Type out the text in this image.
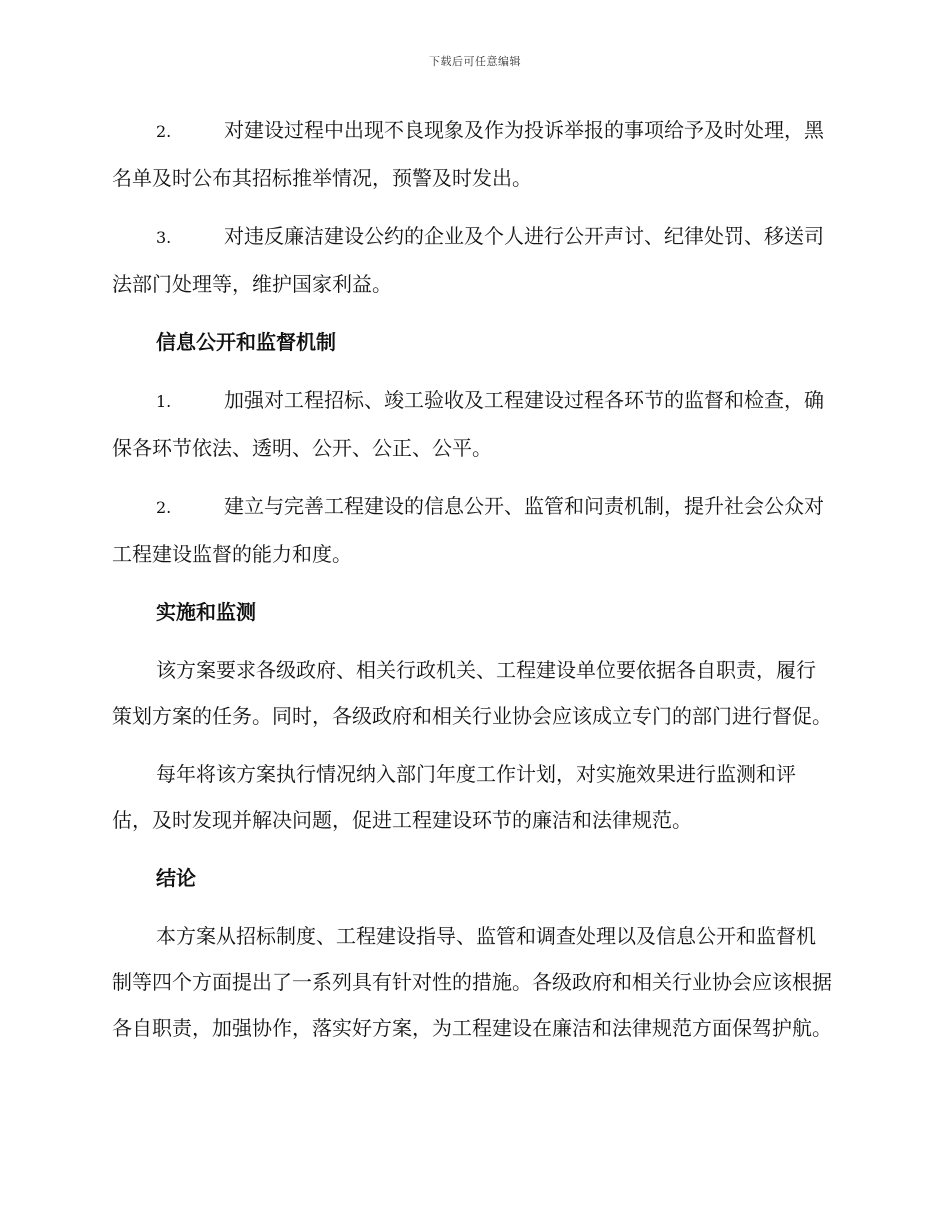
下载后可任意编辑

2.	对建设过程中出现不良现象及作为投诉举报的事项给予及时处理，黑名单及时公布其招标推举情况，预警及时发出。

3.	对违反廉洁建设公约的企业及个人进行公开声讨、纪律处罚、移送司法部门处理等，维护国家利益。

信息公开和监督机制

1.	加强对工程招标、竣工验收及工程建设过程各环节的监督和检查，确保各环节依法、透明、公开、公正、公平。

2.	建立与完善工程建设的信息公开、监管和问责机制，提升社会公众对工程建设监督的能力和度。

实施和监测

该方案要求各级政府、相关行政机关、工程建设单位要依据各自职责，履行策划方案的任务。同时，各级政府和相关行业协会应该成立专门的部门进行督促。

每年将该方案执行情况纳入部门年度工作计划，对实施效果进行监测和评估，及时发现并解决问题，促进工程建设环节的廉洁和法律规范。

结论

本方案从招标制度、工程建设指导、监管和调查处理以及信息公开和监督机制等四个方面提出了一系列具有针对性的措施。各级政府和相关行业协会应该根据各自职责，加强协作，落实好方案，为工程建设在廉洁和法律规范方面保驾护航。
